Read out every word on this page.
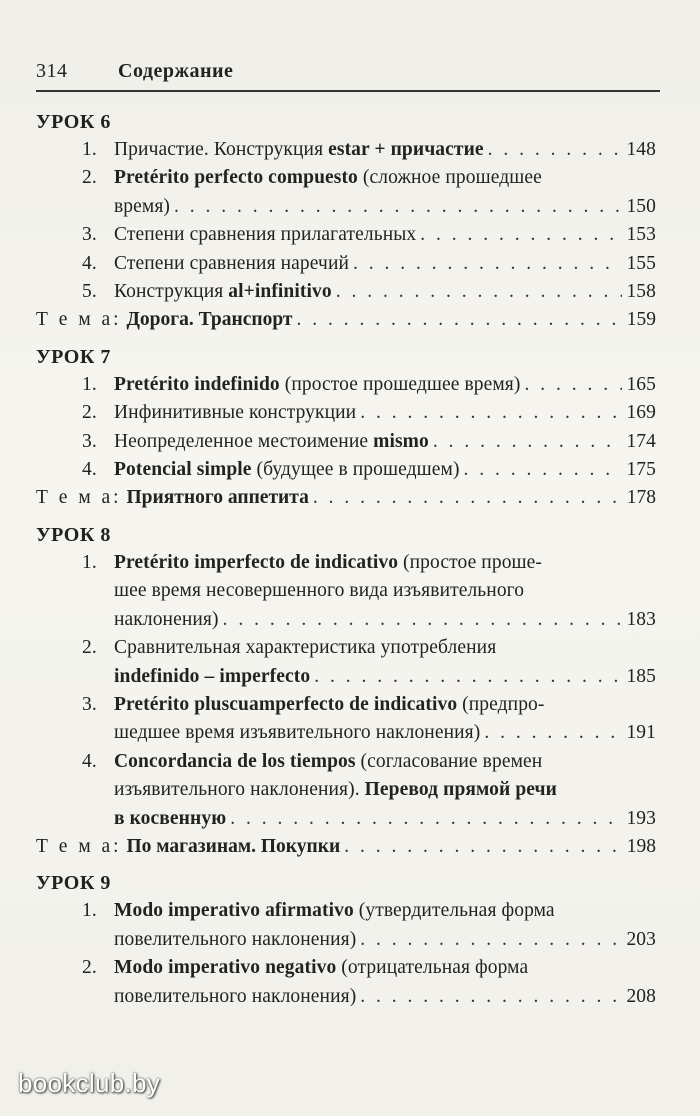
314	Содержание
УРОК 6
1. Причастие. Конструкция estar + причастие . . .	148
2. Pretérito perfecto compuesto (сложное прошедшее
время) . . .	150
3. Степени сравнения прилагательных . . .	153
4. Степени сравнения наречий . . .	155
5. Конструкция al+infinitivo . . .	158
Т е м а: Дорога. Транспорт . . .	159
УРОК 7
1. Pretérito indefinido (простое прошедшее время) . . .	165
2. Инфинитивные конструкции . . .	169
3. Неопределенное местоимение mismo . . .	174
4. Potencial simple (будущее в прошедшем) . . .	175
Т е м а: Приятного аппетита . . .	178
УРОК 8
1. Pretérito imperfecto de indicativo (простое проше-
шее время несовершенного вида изъявительного
наклонения) . . .	183
2. Сравнительная характеристика употребления
indefinido – imperfecto . . .	185
3. Pretérito pluscuamperfecto de indicativo (предпро-
шедшее время изъявительного наклонения) . . .	191
4. Concordancia de los tiempos (согласование времен
изъявительного наклонения). Перевод прямой речи
в косвенную . . .	193
Т е м а: По магазинам. Покупки . . .	198
УРОК 9
1. Modo imperativo afirmativo (утвердительная форма
повелительного наклонения) . . .	203
2. Modo imperativo negativo (отрицательная форма
повелительного наклонения) . . .	208
bookclub.by
